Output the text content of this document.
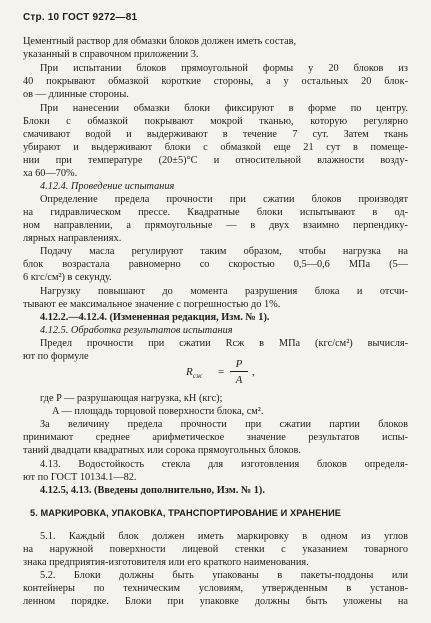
Стр. 10 ГОСТ 9272—81
Цементный раствор для обмазки блоков должен иметь состав,
указанный в справочном приложении 3.
При испытании блоков прямоугольной формы у 20 блоков из
40 покрывают обмазкой короткие стороны, а у остальных 20 блок-
ов — длинные стороны.
При нанесении обмазки блоки фиксируют в форме по центру.
Блоки с обмазкой покрывают мокрой тканью, которую регулярно
смачивают водой и выдерживают в течение 7 сут. Затем ткань
убирают и выдерживают блоки с обмазкой еще 21 сут в помеще-
нии при температуре (20±5)°С и относительной влажности возду-
ха 60—70%.
4.12.4. Проведение испытания
Определение предела прочности при сжатии блоков производят
на гидравлическом прессе. Квадратные блоки испытывают в од-
ном направлении, а прямоугольные — в двух взаимно перпендику-
лярных направлениях.
Подачу масла регулируют таким образом, чтобы нагрузка на
блок возрастала равномерно со скоростью 0,5—0,6 МПа (5—
6 кгс/см²) в секунду.
Нагрузку повышают до момента разрушения блока и отсчи-
тывают ее максимальное значение с погрешностью до 1%.
4.12.2.—4.12.4. (Измененная редакция, Изм. № 1).
4.12.5. Обработка результатов испытания
Предел прочности при сжатии Rсж в МПа (кгс/см²) вычисля-
ют по формуле
$R_{сж}$ =
P
A
,
где P — разрушающая нагрузка, кН (кгс);
A — площадь торцовой поверхности блока, см².
За величину предела прочности при сжатии партии блоков
принимают среднее арифметическое значение результатов испы-
таний двадцати квадратных или сорока прямоугольных блоков.
4.13. Водостойкость стекла для изготовления блоков определя-
ют по ГОСТ 10134.1—82.
4.12.5, 4.13. (Введены дополнительно, Изм. № 1).
5. МАРКИРОВКА, УПАКОВКА, ТРАНСПОРТИРОВАНИЕ И ХРАНЕНИЕ
5.1. Каждый блок должен иметь маркировку в одном из углов
на наружной поверхности лицевой стенки с указанием товарного
знака предприятия-изготовителя или его краткого наименования.
5.2. Блоки должны быть упакованы в пакеты-поддоны или
контейнеры по техническим условиям, утвержденным в установ-
ленном порядке. Блоки при упаковке должны быть уложены на
